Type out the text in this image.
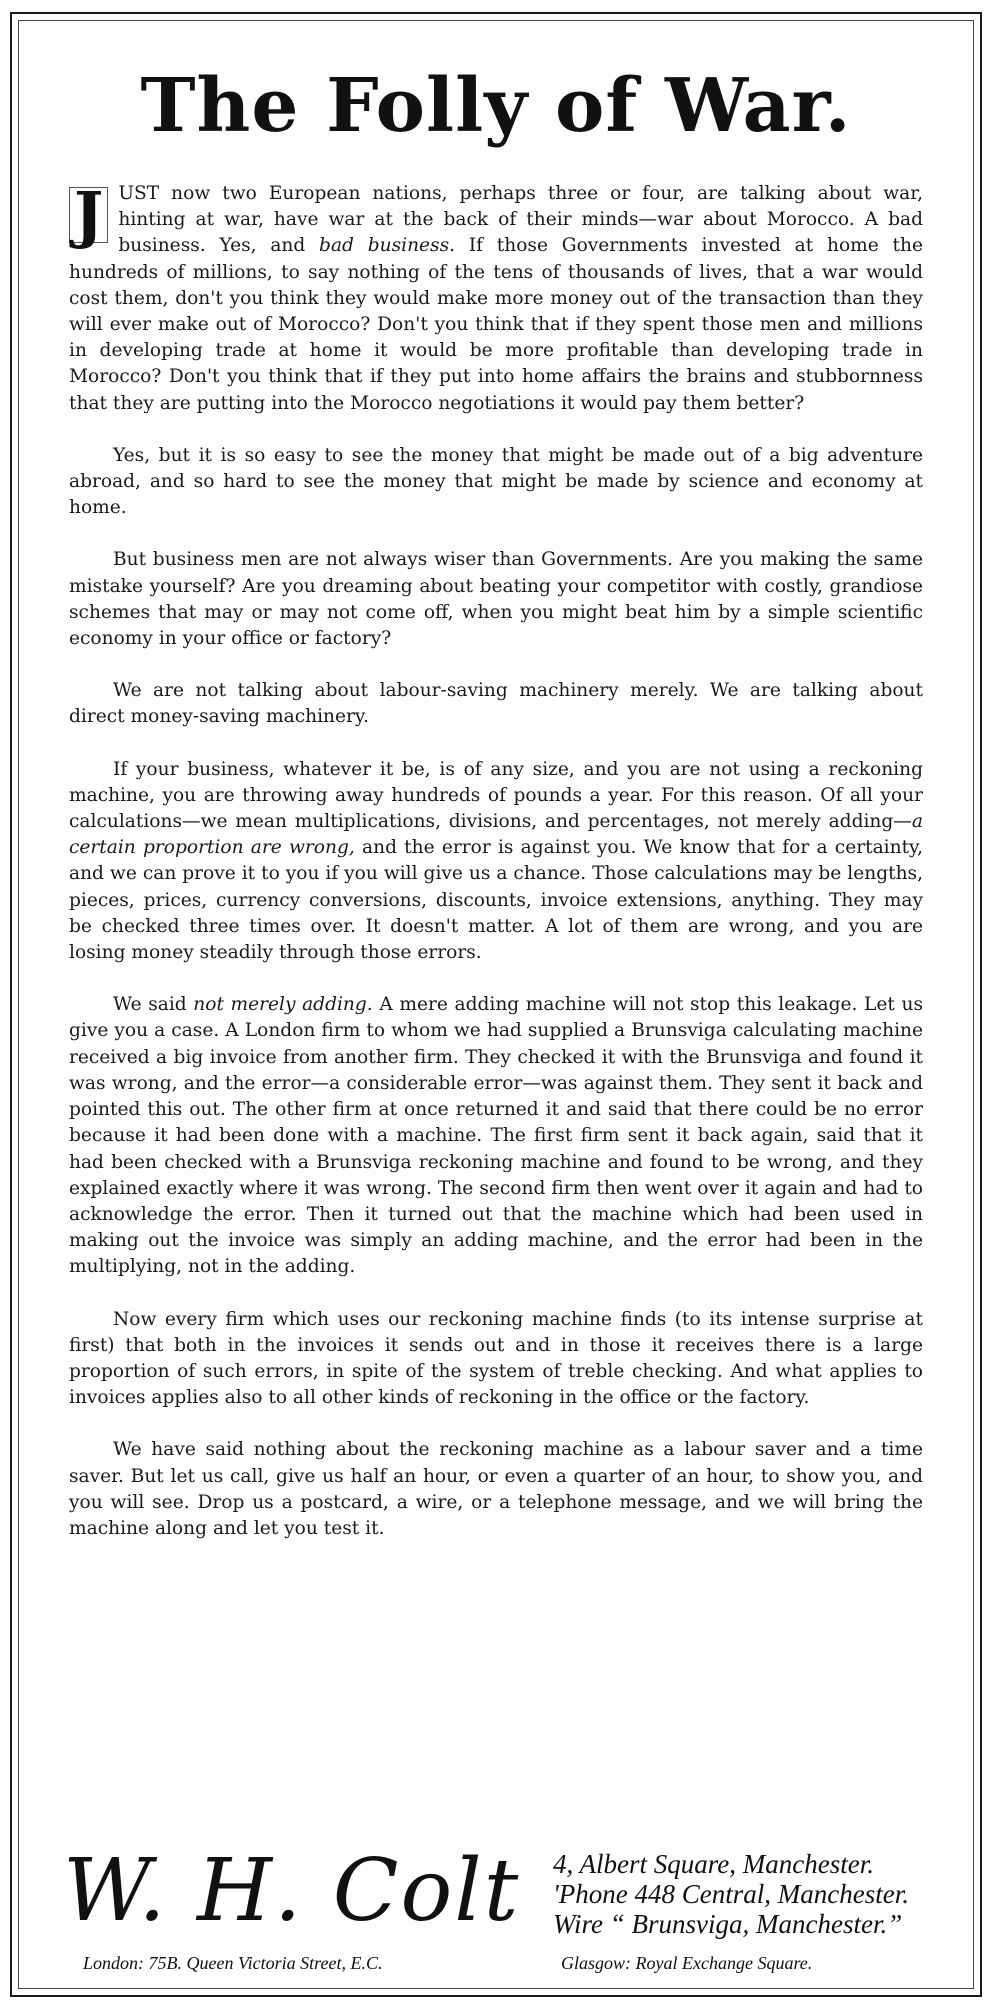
The Folly of War.

J UST now two European nations, perhaps three or four, are talking about war, hinting at war, have war at the back of their minds—war about Morocco. A bad business. Yes, and bad business. If those Governments invested at home the hundreds of millions, to say nothing of the tens of thousands of lives, that a war would cost them, don't you think they would make more money out of the transaction than they will ever make out of Morocco? Don't you think that if they spent those men and millions in developing trade at home it would be more profitable than developing trade in Morocco? Don't you think that if they put into home affairs the brains and stubbornness that they are putting into the Morocco negotiations it would pay them better?

Yes, but it is so easy to see the money that might be made out of a big adventure abroad, and so hard to see the money that might be made by science and economy at home.

But business men are not always wiser than Governments. Are you making the same mistake yourself? Are you dreaming about beating your competitor with costly, grandiose schemes that may or may not come off, when you might beat him by a simple scientific economy in your office or factory?

We are not talking about labour-saving machinery merely. We are talking about direct money-saving machinery.

If your business, whatever it be, is of any size, and you are not using a reckoning machine, you are throwing away hundreds of pounds a year. For this reason. Of all your calculations—we mean multiplications, divisions, and percentages, not merely adding—a certain proportion are wrong, and the error is against you. We know that for a certainty, and we can prove it to you if you will give us a chance. Those calculations may be lengths, pieces, prices, currency conversions, discounts, invoice extensions, anything. They may be checked three times over. It doesn't matter. A lot of them are wrong, and you are losing money steadily through those errors.

We said not merely adding. A mere adding machine will not stop this leakage. Let us give you a case. A London firm to whom we had supplied a Brunsviga calculating machine received a big invoice from another firm. They checked it with the Brunsviga and found it was wrong, and the error—a considerable error—was against them. They sent it back and pointed this out. The other firm at once returned it and said that there could be no error because it had been done with a machine. The first firm sent it back again, said that it had been checked with a Brunsviga reckoning machine and found to be wrong, and they explained exactly where it was wrong. The second firm then went over it again and had to acknowledge the error. Then it turned out that the machine which had been used in making out the invoice was simply an adding machine, and the error had been in the multiplying, not in the adding.

Now every firm which uses our reckoning machine finds (to its intense surprise at first) that both in the invoices it sends out and in those it receives there is a large proportion of such errors, in spite of the system of treble checking. And what applies to invoices applies also to all other kinds of reckoning in the office or the factory.

We have said nothing about the reckoning machine as a labour saver and a time saver. But let us call, give us half an hour, or even a quarter of an hour, to show you, and you will see. Drop us a postcard, a wire, or a telephone message, and we will bring the machine along and let you test it.

W. H. Colt 4, Albert Square, Manchester.
'Phone 448 Central, Manchester.
Wire “ Brunsviga, Manchester.”
London: 75B. Queen Victoria Street, E.C.	Glasgow: Royal Exchange Square.
